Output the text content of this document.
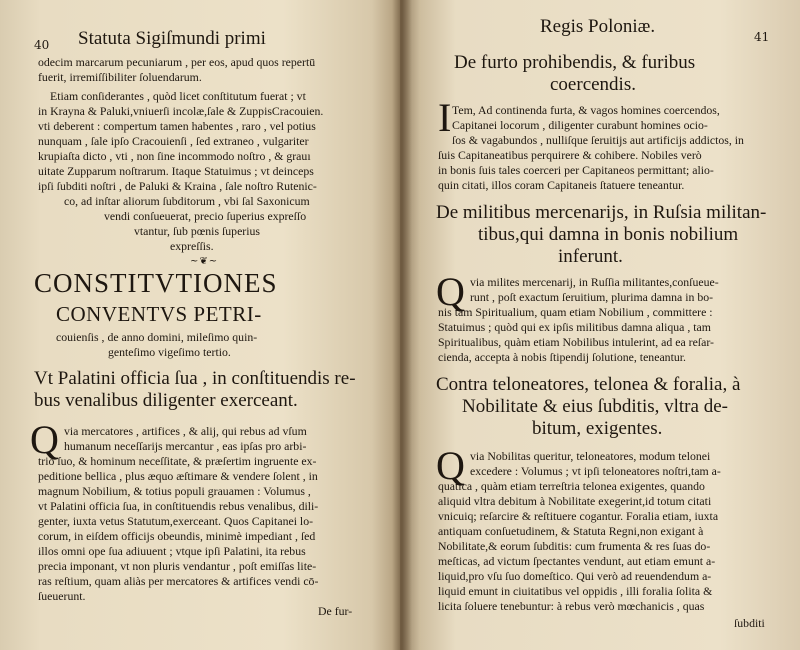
40 Statuta Sigiſmundi primi
odecim marcarum pecuniarum , per eos, apud quos repertū
fuerit, irremiſſibiliter ſoluendarum.
Etiam conſiderantes , quòd licet conſtitutum fuerat ; vt
in Krayna & Paluki,vniuerſi incolæ,ſale & ZuppisCracouien.
vti deberent : compertum tamen habentes , raro , vel potius
nunquam , ſale ipſo Cracouienſi , ſed extraneo , vulgariter
krupiaſta dicto , vti , non ſine incommodo noſtro , & grauı
uitate Zupparum noſtrarum. Itaque Statuimus ; vt deinceps
ipſi ſubditi noſtri , de Paluki & Kraina , ſale noſtro Rutenic-
co, ad inſtar aliorum ſubditorum , vbi ſal Saxonicum
vendi conſueuerat, precio ſuperius expreſſo
vtantur, ſub pœnis ſuperius
expreſſis.
~❦~
CONSTITVTIONES
CONVENTVS PETRI-
couienſis , de anno domini, mileſimo quin-
genteſimo vigeſimo tertio.
Vt Palatini officia ſua , in conſtituendis re-
bus venalibus diligenter exerceant.
Q via mercatores , artifices , & alij, qui rebus ad vſum
humanum neceſſarijs mercantur , eas ipſas pro arbi-
trio ſuo, & hominum neceſſitate, & præſertim ingruente ex-
peditione bellica , plus æquo æſtimare & vendere ſolent , in
magnum Nobilium, & totius populi grauamen : Volumus ,
vt Palatini officia ſua, in conſtituendis rebus venalibus, dili-
genter, iuxta vetus Statutum,exerceant. Quos Capitanei lo-
corum, in eiſdem officijs obeundis, minimè impediant , ſed
illos omni ope ſua adiuuent ; vtque ipſi Palatini, ita rebus
precia imponant, vt non pluris vendantur , poſt emiſſas lite-
ras reſtium, quam aliàs per mercatores & artifices vendi cō-
ſueuerunt.
De fur-
Regis Poloniæ.	41
De furto prohibendis, & furibus
coercendis.
I Tem, Ad continenda furta, & vagos homines coercendos,
Capitanei locorum , diligenter curabunt homines ocio-
ſos & vagabundos , nulliſque ſeruitijs aut artificijs addictos, in
ſuis Capitaneatibus perquirere & cohibere. Nobiles verò
in bonis ſuis tales coerceri per Capitaneos permittant; alio-
quin citati, illos coram Capitaneis ſtatuere teneantur.
De militibus mercenarijs, in Ruſsia militan-
tibus,qui damna in bonis nobilium
inferunt.
Q via milites mercenarij, in Ruſſia militantes,conſueue-
runt , poſt exactum ſeruitium, plurima damna in bo-
nis tam Spiritualium, quam etiam Nobilium , committere :
Statuimus ; quòd qui ex ipſis militibus damna aliqua , tam
Spiritualibus, quàm etiam Nobilibus intulerint, ad ea reſar-
cienda, accepta à nobis ſtipendij ſolutione, teneantur.
Contra teloneatores, telonea & foralia, à
Nobilitate & eius ſubditis, vltra de-
bitum, exigentes.
Q via Nobilitas queritur, teloneatores, modum telonei
excedere : Volumus ; vt ipſi teloneatores noſtri,tam a-
quatica , quàm etiam terreſtria telonea exigentes, quando
aliquid vltra debitum à Nobilitate exegerint,id totum citati
vnicuiq; reſarcire & reſtituere cogantur. Foralia etiam, iuxta
antiquam conſuetudinem, & Statuta Regni,non exigant à
Nobilitate,& eorum ſubditis: cum frumenta & res ſuas do-
meſticas, ad victum ſpectantes vendunt, aut etiam emunt a-
liquid,pro vſu ſuo domeſtico. Qui verò ad reuendendum a-
liquid emunt in ciuitatibus vel oppidis , illi foralia ſolita &
licita ſoluere tenebuntur: à rebus verò mœchanicis , quas
ſubditi
